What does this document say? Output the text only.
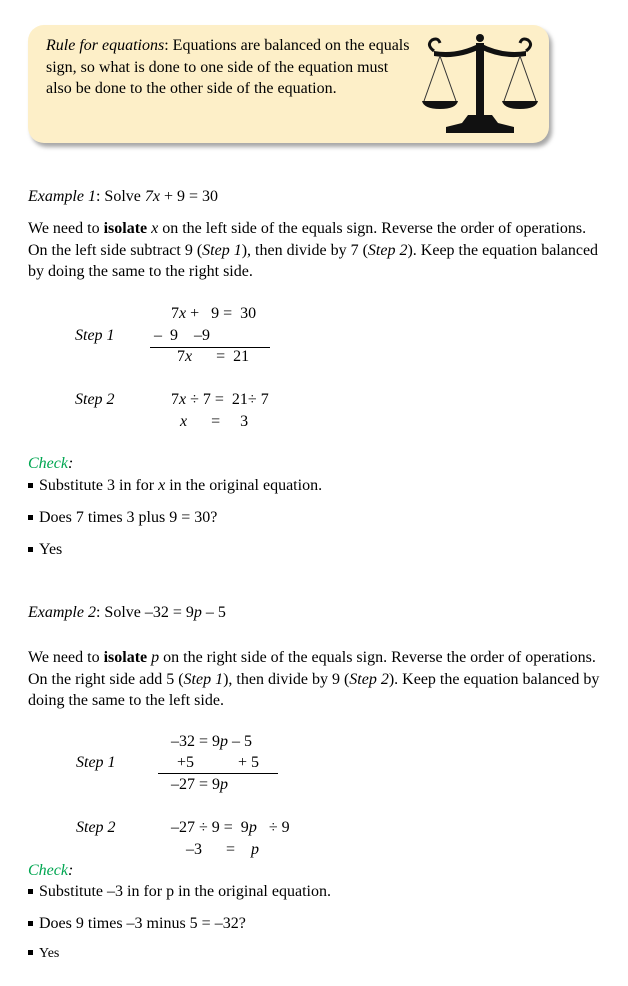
Rule for equations: Equations are balanced on the equals sign, so what is done to one side of the equation must also be done to the other side of the equation.
Example 1: Solve 7x + 9 = 30
We need to isolate x on the left side of the equals sign. Reverse the order of operations. On the left side subtract 9 (Step 1), then divide by 7 (Step 2). Keep the equation balanced by doing the same to the right side.
Step 1
7x +   9 =  30
–  9    –9
7x      =  21
Step 2	7x ÷ 7 =  21÷ 7
x      =     3
Check:
Substitute 3 in for x in the original equation.
Does 7 times 3 plus 9 = 30?
Yes
Example 2: Solve –32 = 9p – 5
We need to isolate p on the right side of the equals sign. Reverse the order of operations. On the right side add 5 (Step 1), then divide by 9 (Step 2). Keep the equation balanced by doing the same to the left side.
Step 1
–32 = 9p – 5
+5           + 5
–27 = 9p
Step 2	–27 ÷ 9 =  9p   ÷ 9
–3      =    p
Check:
Substitute –3 in for p in the original equation.
Does 9 times –3 minus 5 = –32?
Yes
